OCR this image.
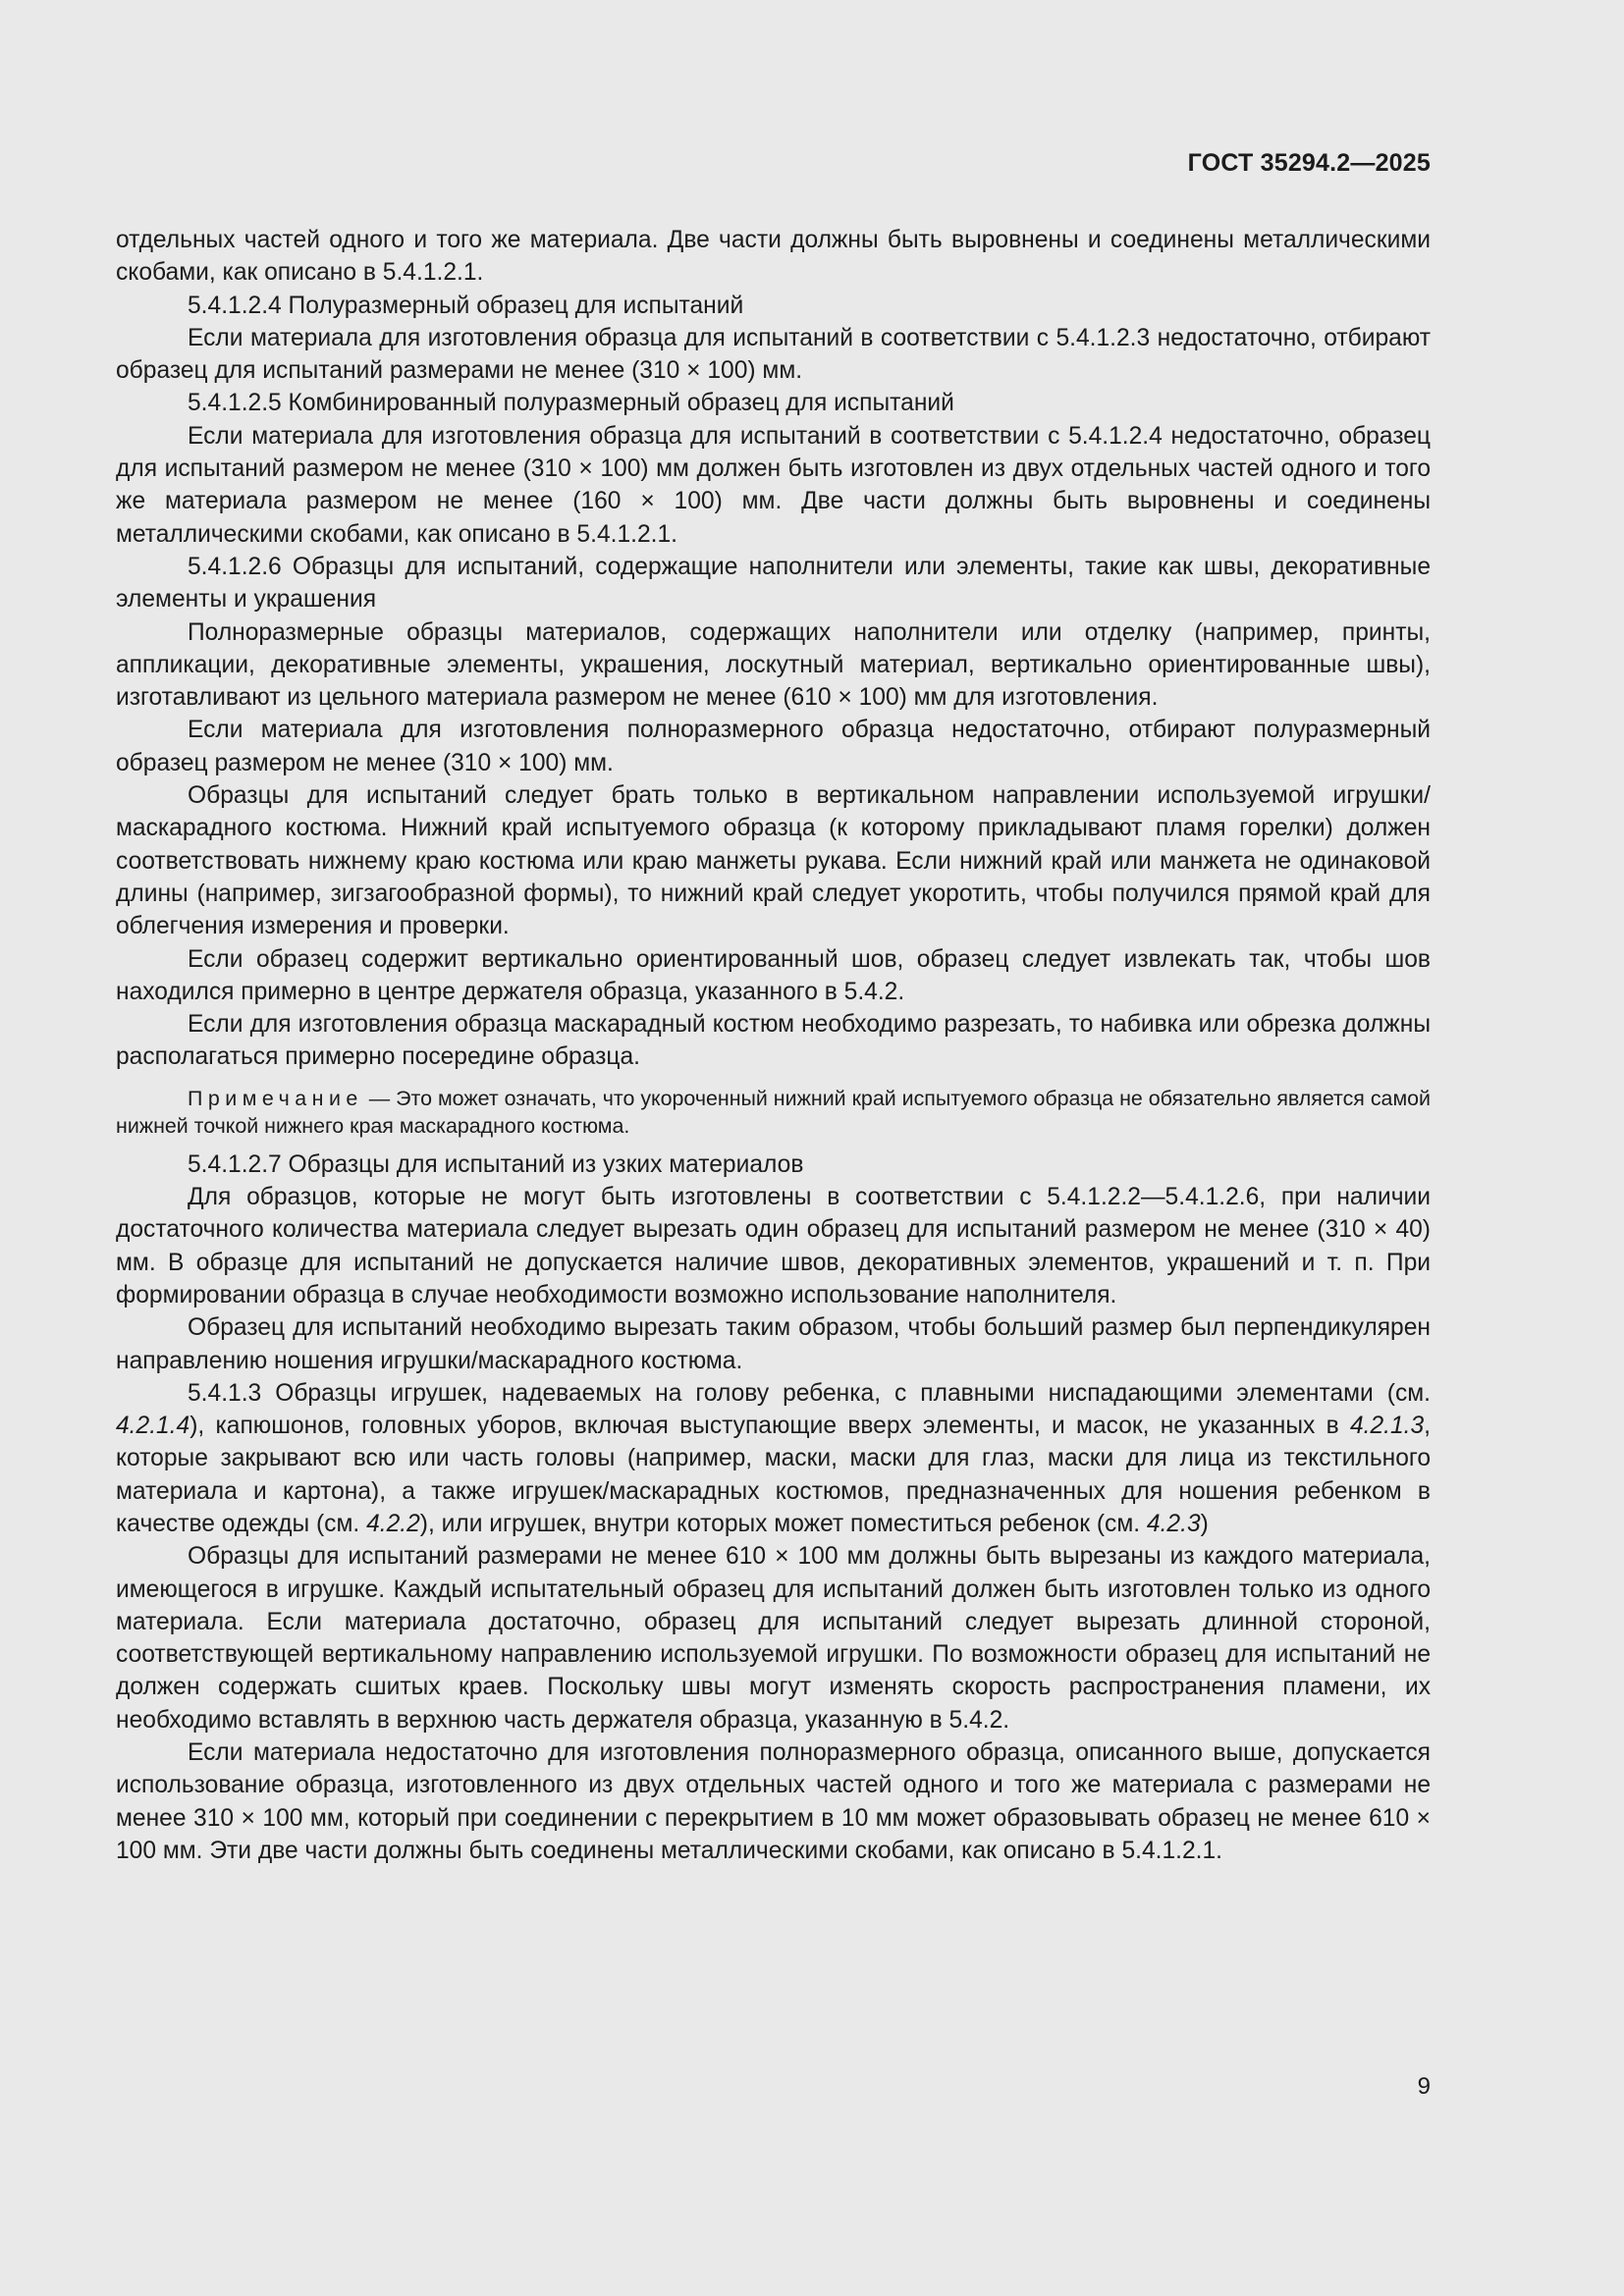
ГОСТ 35294.2—2025

отдельных частей одного и того же материала. Две части должны быть выровнены и соединены металлическими скобами, как описано в 5.4.1.2.1.

5.4.1.2.4 Полуразмерный образец для испытаний

Если материала для изготовления образца для испытаний в соответствии с 5.4.1.2.3 недостаточно, отбирают образец для испытаний размерами не менее (310 × 100) мм.

5.4.1.2.5 Комбинированный полуразмерный образец для испытаний

Если материала для изготовления образца для испытаний в соответствии с 5.4.1.2.4 недостаточно, образец для испытаний размером не менее (310 × 100) мм должен быть изготовлен из двух отдельных частей одного и того же материала размером не менее (160 × 100) мм. Две части должны быть выровнены и соединены металлическими скобами, как описано в 5.4.1.2.1.

5.4.1.2.6 Образцы для испытаний, содержащие наполнители или элементы, такие как швы, декоративные элементы и украшения

Полноразмерные образцы материалов, содержащих наполнители или отделку (например, принты, аппликации, декоративные элементы, украшения, лоскутный материал, вертикально ориентированные швы), изготавливают из цельного материала размером не менее (610 × 100) мм для изготовления.

Если материала для изготовления полноразмерного образца недостаточно, отбирают полуразмерный образец размером не менее (310 × 100) мм.

Образцы для испытаний следует брать только в вертикальном направлении используемой игрушки/маскарадного костюма. Нижний край испытуемого образца (к которому прикладывают пламя горелки) должен соответствовать нижнему краю костюма или краю манжеты рукава. Если нижний край или манжета не одинаковой длины (например, зигзагообразной формы), то нижний край следует укоротить, чтобы получился прямой край для облегчения измерения и проверки.

Если образец содержит вертикально ориентированный шов, образец следует извлекать так, чтобы шов находился примерно в центре держателя образца, указанного в 5.4.2.

Если для изготовления образца маскарадный костюм необходимо разрезать, то набивка или обрезка должны располагаться примерно посередине образца.

Примечание — Это может означать, что укороченный нижний край испытуемого образца не обязательно является самой нижней точкой нижнего края маскарадного костюма.

5.4.1.2.7 Образцы для испытаний из узких материалов

Для образцов, которые не могут быть изготовлены в соответствии с 5.4.1.2.2—5.4.1.2.6, при наличии достаточного количества материала следует вырезать один образец для испытаний размером не менее (310 × 40) мм. В образце для испытаний не допускается наличие швов, декоративных элементов, украшений и т. п. При формировании образца в случае необходимости возможно использование наполнителя.

Образец для испытаний необходимо вырезать таким образом, чтобы больший размер был перпендикулярен направлению ношения игрушки/маскарадного костюма.

5.4.1.3 Образцы игрушек, надеваемых на голову ребенка, с плавными ниспадающими элементами (см. 4.2.1.4), капюшонов, головных уборов, включая выступающие вверх элементы, и масок, не указанных в 4.2.1.3, которые закрывают всю или часть головы (например, маски, маски для глаз, маски для лица из текстильного материала и картона), а также игрушек/маскарадных костюмов, предназначенных для ношения ребенком в качестве одежды (см. 4.2.2), или игрушек, внутри которых может поместиться ребенок (см. 4.2.3)

Образцы для испытаний размерами не менее 610 × 100 мм должны быть вырезаны из каждого материала, имеющегося в игрушке. Каждый испытательный образец для испытаний должен быть изготовлен только из одного материала. Если материала достаточно, образец для испытаний следует вырезать длинной стороной, соответствующей вертикальному направлению используемой игрушки. По возможности образец для испытаний не должен содержать сшитых краев. Поскольку швы могут изменять скорость распространения пламени, их необходимо вставлять в верхнюю часть держателя образца, указанную в 5.4.2.

Если материала недостаточно для изготовления полноразмерного образца, описанного выше, допускается использование образца, изготовленного из двух отдельных частей одного и того же материала с размерами не менее 310 × 100 мм, который при соединении с перекрытием в 10 мм может образовывать образец не менее 610 × 100 мм. Эти две части должны быть соединены металлическими скобами, как описано в 5.4.1.2.1.

9
